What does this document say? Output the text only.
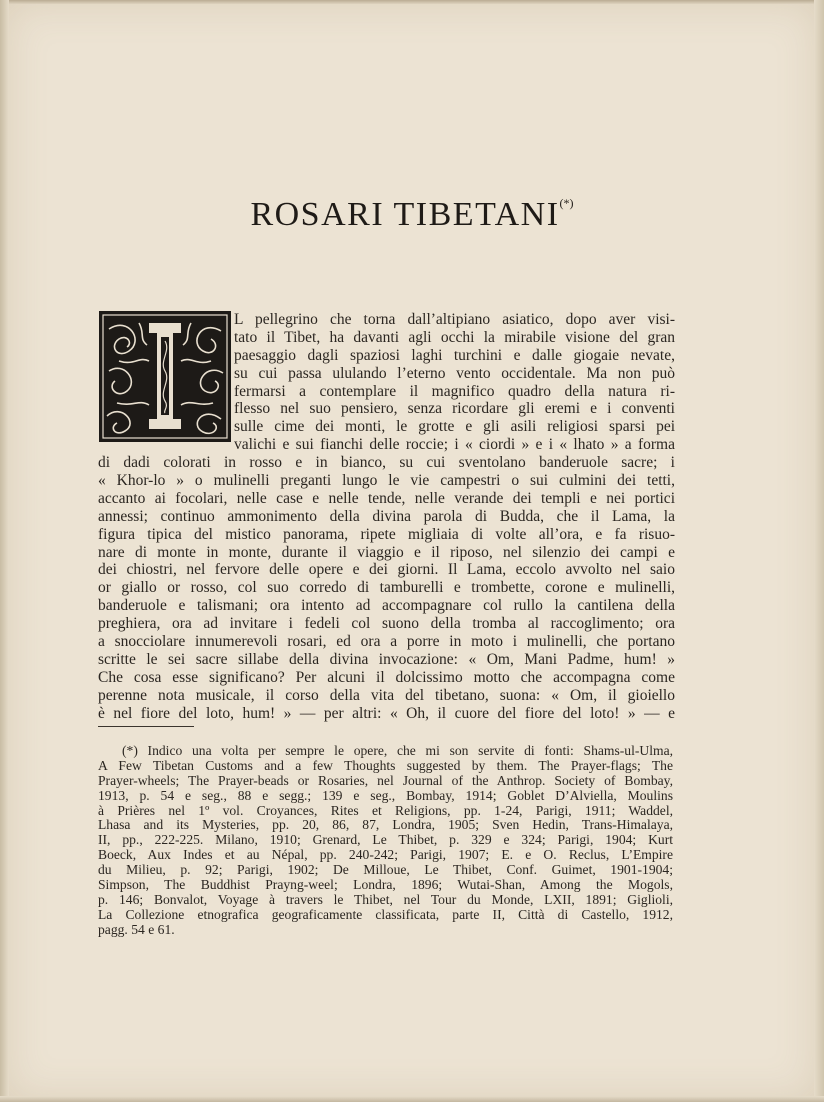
ROSARI TIBETANI(*)
L pellegrino che torna dall’altipiano asiatico, dopo aver visi-
tato il Tibet, ha davanti agli occhi la mirabile visione del gran
paesaggio dagli spaziosi laghi turchini e dalle giogaie nevate,
su cui passa ululando l’eterno vento occidentale. Ma non può
fermarsi a contemplare il magnifico quadro della natura ri-
flesso nel suo pensiero, senza ricordare gli eremi e i conventi
sulle cime dei monti, le grotte e gli asili religiosi sparsi pei
valichi e sui fianchi delle roccie; i « ciordi » e i « lhato » a forma
di dadi colorati in rosso e in bianco, su cui sventolano banderuole sacre; i
« Khor-lo » o mulinelli preganti lungo le vie campestri o sui culmini dei tetti,
accanto ai focolari, nelle case e nelle tende, nelle verande dei templi e nei portici
annessi; continuo ammonimento della divina parola di Budda, che il Lama, la
figura tipica del mistico panorama, ripete migliaia di volte all’ora, e fa risuo-
nare di monte in monte, durante il viaggio e il riposo, nel silenzio dei campi e
dei chiostri, nel fervore delle opere e dei giorni. Il Lama, eccolo avvolto nel saio
or giallo or rosso, col suo corredo di tamburelli e trombette, corone e mulinelli,
banderuole e talismani; ora intento ad accompagnare col rullo la cantilena della
preghiera, ora ad invitare i fedeli col suono della tromba al raccoglimento; ora
a snocciolare innumerevoli rosari, ed ora a porre in moto i mulinelli, che portano
scritte le sei sacre sillabe della divina invocazione: « Om, Mani Padme, hum! »
Che cosa esse significano? Per alcuni il dolcissimo motto che accompagna come
perenne nota musicale, il corso della vita del tibetano, suona: « Om, il gioiello
è nel fiore del loto, hum! » — per altri: « Oh, il cuore del fiore del loto! » — e
(*) Indico una volta per sempre le opere, che mi son servite di fonti: Shams-ul-Ulma,
A Few Tibetan Customs and a few Thoughts suggested by them. The Prayer-flags; The
Prayer-wheels; The Prayer-beads or Rosaries, nel Journal of the Anthrop. Society of Bombay,
1913, p. 54 e seg., 88 e segg.; 139 e seg., Bombay, 1914; Goblet D’Alviella, Moulins
à Prières nel 1º vol. Croyances, Rites et Religions, pp. 1-24, Parigi, 1911; Waddel,
Lhasa and its Mysteries, pp. 20, 86, 87, Londra, 1905; Sven Hedin, Trans-Himalaya,
II, pp., 222-225. Milano, 1910; Grenard, Le Thibet, p. 329 e 324; Parigi, 1904; Kurt
Boeck, Aux Indes et au Népal, pp. 240-242; Parigi, 1907; E. e O. Reclus, L’Empire
du Milieu, p. 92; Parigi, 1902; De Milloue, Le Thibet, Conf. Guimet, 1901-1904;
Simpson, The Buddhist Prayng-weel; Londra, 1896; Wutai-Shan, Among the Mogols,
p. 146; Bonvalot, Voyage à travers le Thibet, nel Tour du Monde, LXII, 1891; Giglioli,
La Collezione etnografica geograficamente classificata, parte II, Città di Castello, 1912,
pagg. 54 e 61.
